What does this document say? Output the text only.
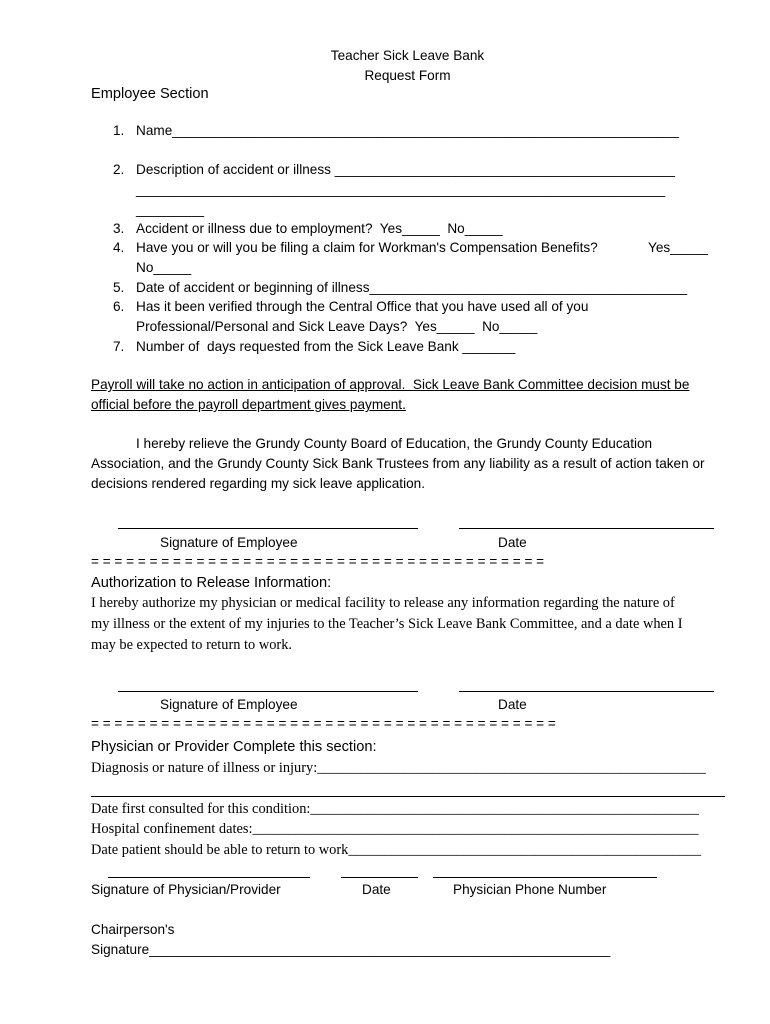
Teacher Sick Leave Bank
Request Form
Employee Section
1. Name___________________________________________________________________
2. Description of accident or illness _____________________________________________
______________________________________________________________________
_________
3. Accident or illness due to employment?  Yes_____  No_____
4. Have you or will you be filing a claim for Workman's Compensation Benefits?	Yes_____
No_____
5. Date of accident or beginning of illness__________________________________________
6. Has it been verified through the Central Office that you have used all of you
Professional/Personal and Sick Leave Days?  Yes_____  No_____
7. Number of  days requested from the Sick Leave Bank _______
Payroll will take no action in anticipation of approval.  Sick Leave Bank Committee decision must be
official before the payroll department gives payment.
I hereby relieve the Grundy County Board of Education, the Grundy County Education
Association, and the Grundy County Sick Bank Trustees from any liability as a result of action taken or
decisions rendered regarding my sick leave application.
Signature of Employee	Date
= = = = = = = = = = = = = = = = = = = = = = = = = = = = = = = = = = = = = = =
Authorization to Release Information:
I hereby authorize my physician or medical facility to release any information regarding the nature of
my illness or the extent of my injuries to the Teacher’s Sick Leave Bank Committee, and a date when I
may be expected to return to work.
Signature of Employee	Date
= = = = = = = = = = = = = = = = = = = = = = = = = = = = = = = = = = = = = = = =
Physician or Provider Complete this section:
Diagnosis or nature of illness or injury:______________________________________________________
Date first consulted for this condition:______________________________________________________
Hospital confinement dates:______________________________________________________________
Date patient should be able to return to work_________________________________________________
Signature of Physician/Provider	Date	Physician Phone Number
Chairperson's
Signature_____________________________________________________________
